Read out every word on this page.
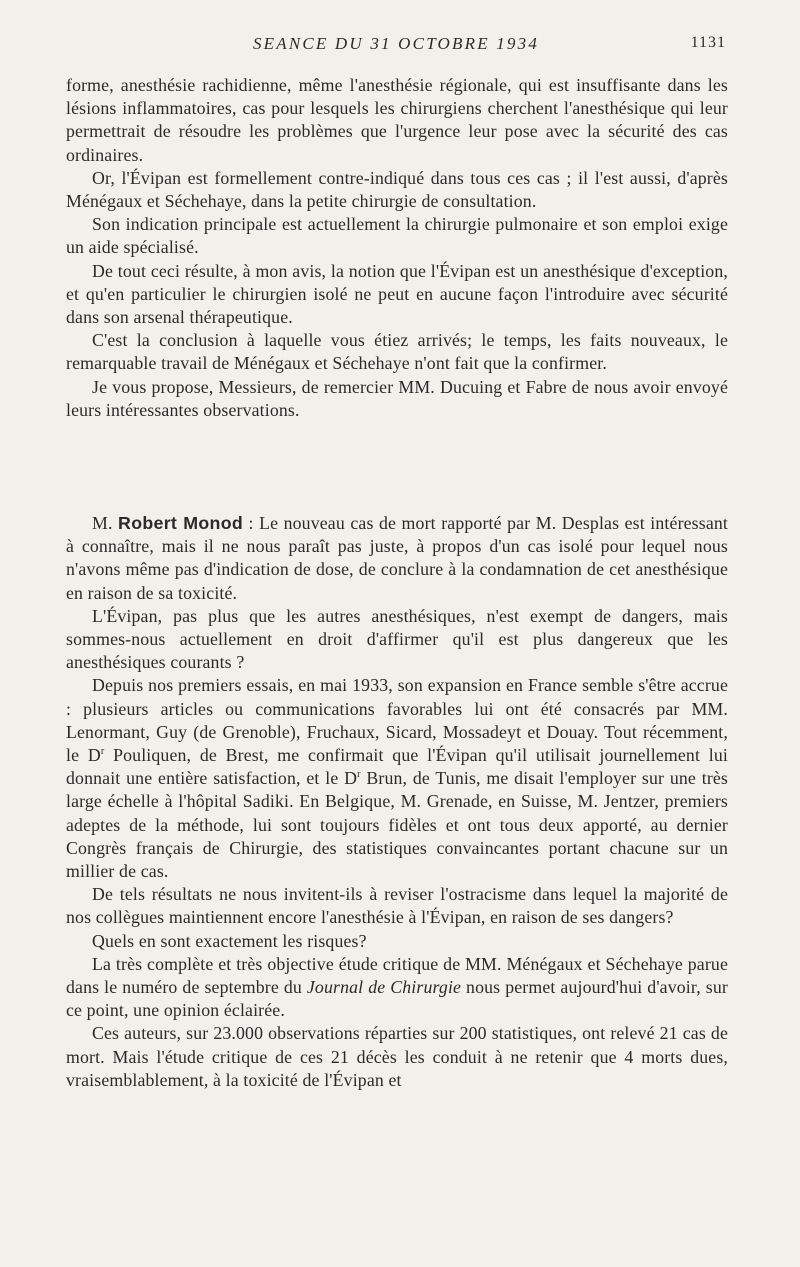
SEANCE DU 31 OCTOBRE 1934	1131

forme, anesthésie rachidienne, même l'anesthésie régionale, qui est insuffisante dans les lésions inflammatoires, cas pour lesquels les chirurgiens cherchent l'anesthésique qui leur permettrait de résoudre les problèmes que l'urgence leur pose avec la sécurité des cas ordinaires.

Or, l'Évipan est formellement contre-indiqué dans tous ces cas ; il l'est aussi, d'après Ménégaux et Séchehaye, dans la petite chirurgie de consultation.

Son indication principale est actuellement la chirurgie pulmonaire et son emploi exige un aide spécialisé.

De tout ceci résulte, à mon avis, la notion que l'Évipan est un anesthésique d'exception, et qu'en particulier le chirurgien isolé ne peut en aucune façon l'introduire avec sécurité dans son arsenal thérapeutique.

C'est la conclusion à laquelle vous étiez arrivés; le temps, les faits nouveaux, le remarquable travail de Ménégaux et Séchehaye n'ont fait que la confirmer.

Je vous propose, Messieurs, de remercier MM. Ducuing et Fabre de nous avoir envoyé leurs intéressantes observations.

M. Robert Monod : Le nouveau cas de mort rapporté par M. Desplas est intéressant à connaître, mais il ne nous paraît pas juste, à propos d'un cas isolé pour lequel nous n'avons même pas d'indication de dose, de conclure à la condamnation de cet anesthésique en raison de sa toxicité.

L'Évipan, pas plus que les autres anesthésiques, n'est exempt de dangers, mais sommes-nous actuellement en droit d'affirmer qu'il est plus dangereux que les anesthésiques courants ?

Depuis nos premiers essais, en mai 1933, son expansion en France semble s'être accrue : plusieurs articles ou communications favorables lui ont été consacrés par MM. Lenormant, Guy (de Grenoble), Fruchaux, Sicard, Mossadeyt et Douay. Tout récemment, le $D^r$ Pouliquen, de Brest, me confirmait que l'Évipan qu'il utilisait journellement lui donnait une entière satisfaction, et le $D^r$ Brun, de Tunis, me disait l'employer sur une très large échelle à l'hôpital Sadiki. En Belgique, M. Grenade, en Suisse, M. Jentzer, premiers adeptes de la méthode, lui sont toujours fidèles et ont tous deux apporté, au dernier Congrès français de Chirurgie, des statistiques convaincantes portant chacune sur un millier de cas.

De tels résultats ne nous invitent-ils à reviser l'ostracisme dans lequel la majorité de nos collègues maintiennent encore l'anesthésie à l'Évipan, en raison de ses dangers?

Quels en sont exactement les risques?

La très complète et très objective étude critique de MM. Ménégaux et Séchehaye parue dans le numéro de septembre du Journal de Chirurgie nous permet aujourd'hui d'avoir, sur ce point, une opinion éclairée.

Ces auteurs, sur 23.000 observations réparties sur 200 statistiques, ont relevé 21 cas de mort. Mais l'étude critique de ces 21 décès les conduit à ne retenir que 4 morts dues, vraisemblablement, à la toxicité de l'Évipan et
